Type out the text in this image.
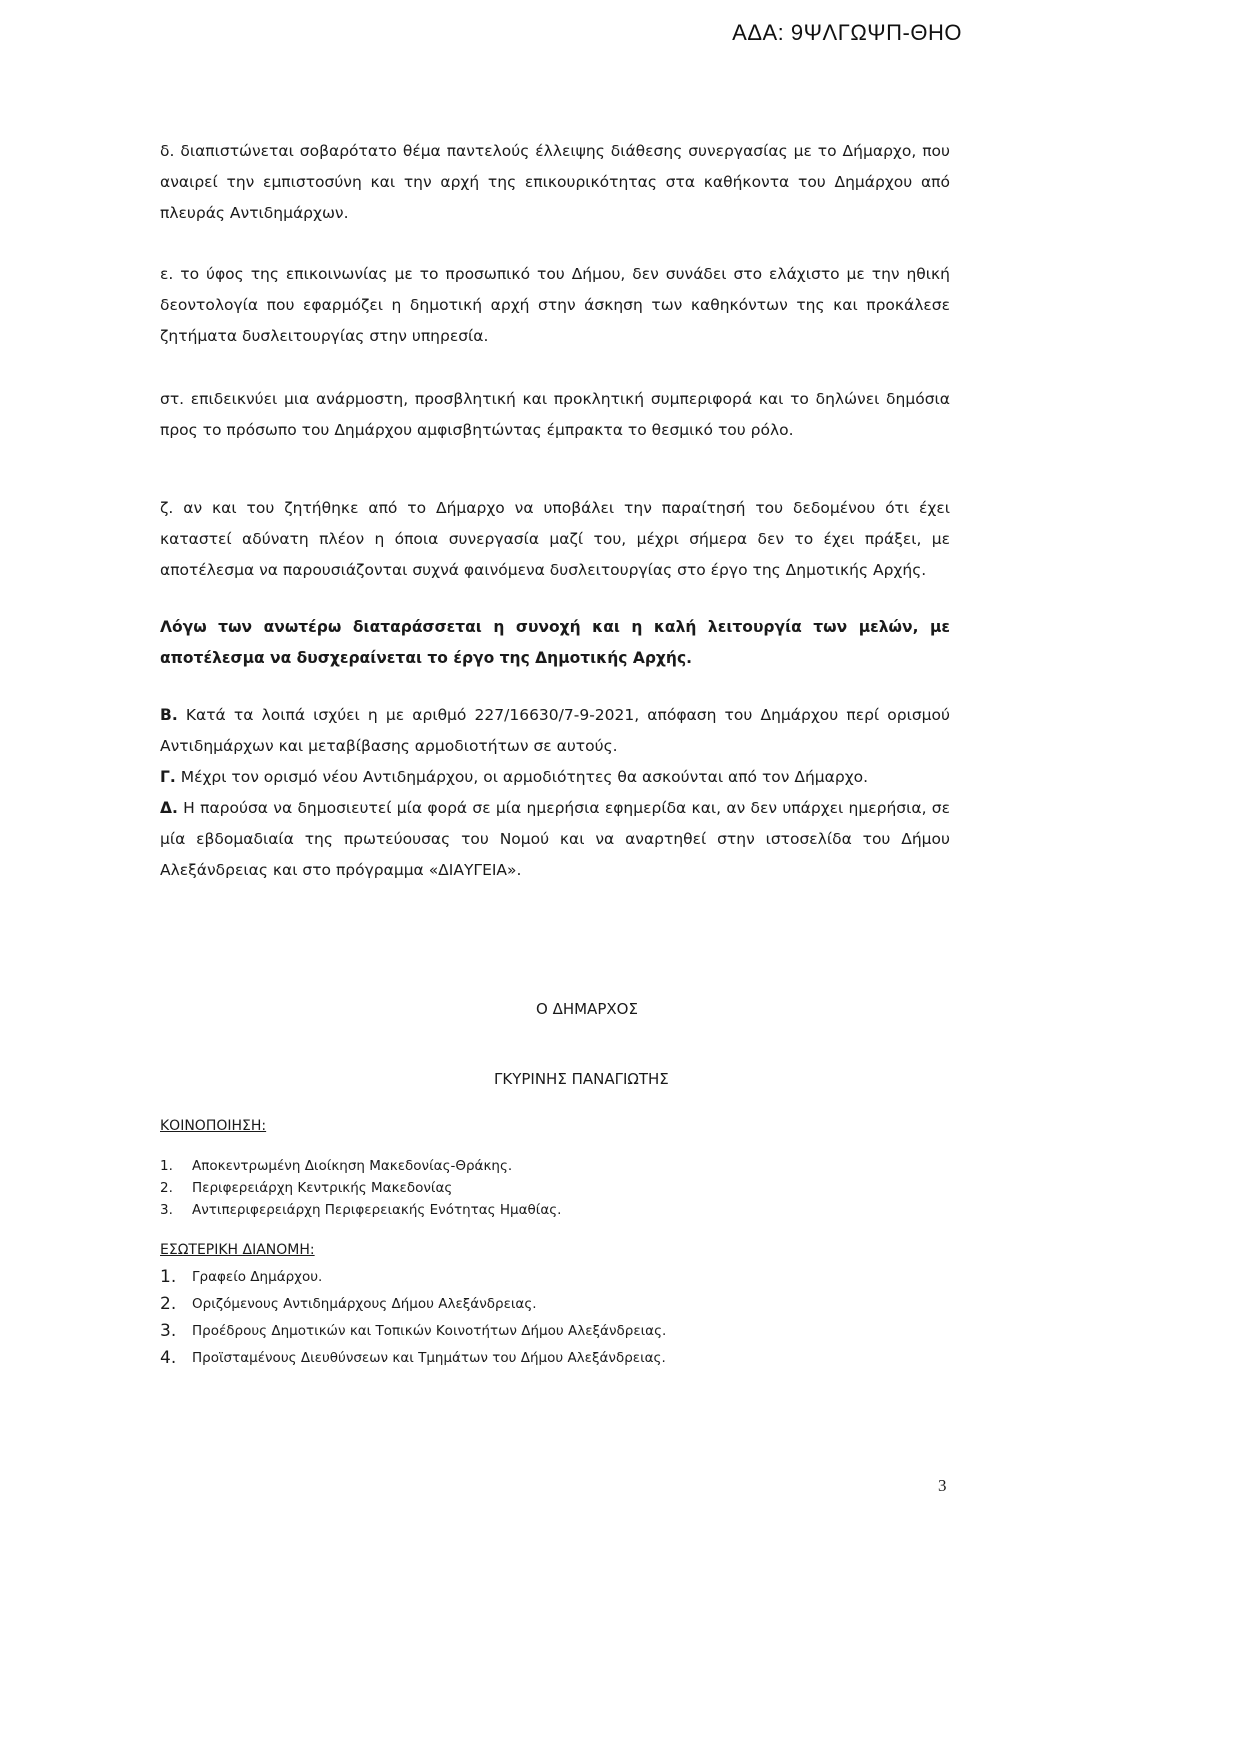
ΑΔΑ: 9ΨΛΓΩΨΠ-ΘΗΟ

δ. διαπιστώνεται σοβαρότατο θέμα παντελούς έλλειψης διάθεσης συνεργασίας με το Δήμαρχο, που αναιρεί την εμπιστοσύνη και την αρχή της επικουρικότητας στα καθήκοντα του Δημάρχου από πλευράς Αντιδημάρχων.

ε. το ύφος της επικοινωνίας με το προσωπικό του Δήμου, δεν συνάδει στο ελάχιστο με την ηθική δεοντολογία που εφαρμόζει η δημοτική αρχή στην άσκηση των καθηκόντων της και προκάλεσε ζητήματα δυσλειτουργίας στην υπηρεσία.

στ. επιδεικνύει μια ανάρμοστη, προσβλητική και προκλητική συμπεριφορά και το δηλώνει δημόσια προς το πρόσωπο του Δημάρχου αμφισβητώντας έμπρακτα το θεσμικό του ρόλο.

ζ. αν και του ζητήθηκε από το Δήμαρχο να υποβάλει την παραίτησή του δεδομένου ότι έχει καταστεί αδύνατη πλέον η όποια συνεργασία μαζί του, μέχρι σήμερα δεν το έχει πράξει, με αποτέλεσμα να παρουσιάζονται συχνά φαινόμενα δυσλειτουργίας στο έργο της Δημοτικής Αρχής.

Λόγω των ανωτέρω διαταράσσεται η συνοχή και η καλή λειτουργία των μελών, με αποτέλεσμα να δυσχεραίνεται το έργο της Δημοτικής Αρχής.

Β. Κατά τα λοιπά ισχύει η με αριθμό 227/16630/7-9-2021, απόφαση του Δημάρχου περί ορισμού Αντιδημάρχων και μεταβίβασης αρμοδιοτήτων σε αυτούς.

Γ. Μέχρι τον ορισμό νέου Αντιδημάρχου, οι αρμοδιότητες θα ασκούνται από τον Δήμαρχο.

Δ. Η παρούσα να δημοσιευτεί μία φορά σε μία ημερήσια εφημερίδα και, αν δεν υπάρχει ημερήσια, σε μία εβδομαδιαία της πρωτεύουσας του Νομού και να αναρτηθεί στην ιστοσελίδα του Δήμου Αλεξάνδρειας και στο πρόγραμμα «ΔΙΑΥΓΕΙΑ».

Ο ΔΗΜΑΡΧΟΣ
ΓΚΥΡΙΝΗΣ ΠΑΝΑΓΙΩΤΗΣ
ΚΟΙΝΟΠΟΙΗΣΗ:
1.	Αποκεντρωμένη Διοίκηση Μακεδονίας-Θράκης.
2.	Περιφερειάρχη Κεντρικής Μακεδονίας
3.	Αντιπεριφερειάρχη Περιφερειακής Ενότητας Ημαθίας.
ΕΣΩΤΕΡΙΚΗ ΔΙΑΝΟΜΗ:
1.	Γραφείο Δημάρχου.
2.	Οριζόμενους Αντιδημάρχους Δήμου Αλεξάνδρειας.
3.	Προέδρους Δημοτικών και Τοπικών Κοινοτήτων Δήμου Αλεξάνδρειας.
4.	Προϊσταμένους Διευθύνσεων και Τμημάτων του Δήμου Αλεξάνδρειας.
3
